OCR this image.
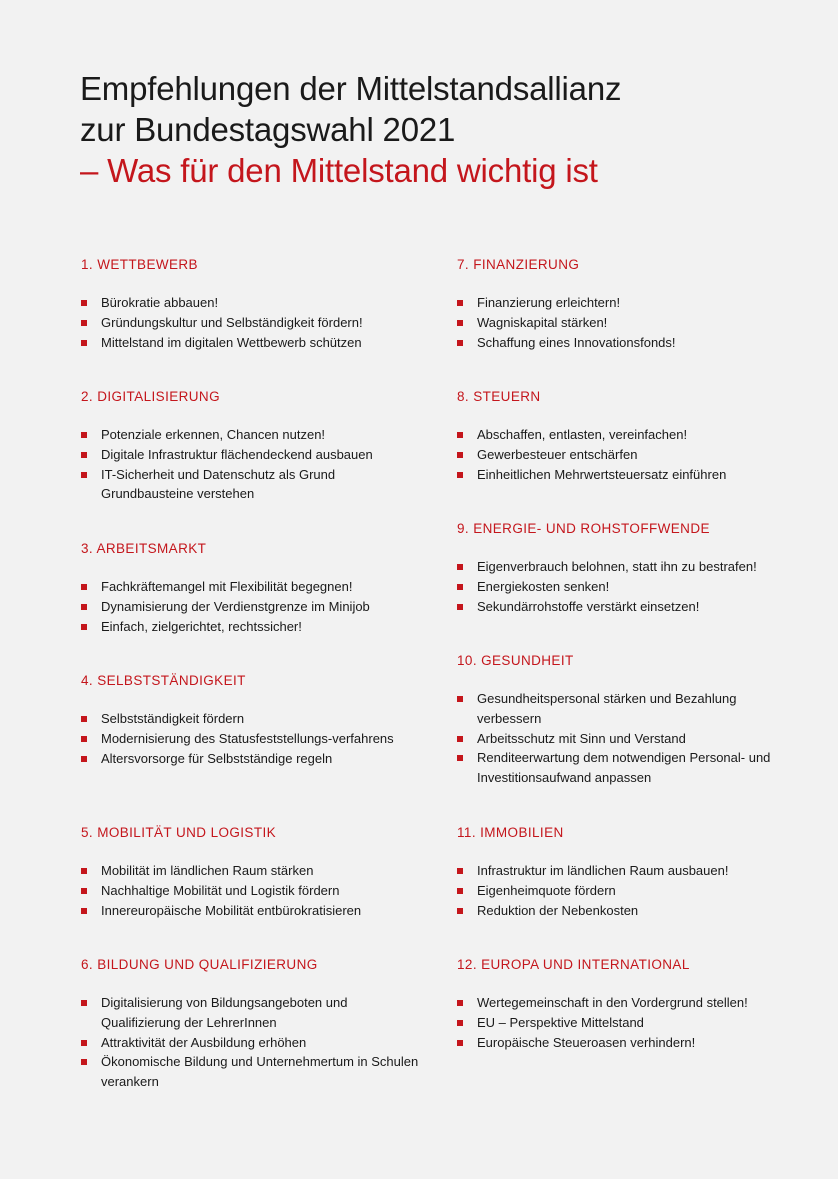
Empfehlungen der Mittelstandsallianz
zur Bundestagswahl 2021
– Was für den Mittelstand wichtig ist
1. WETTBEWERB
Bürokratie abbauen!
Gründungskultur und Selbständigkeit fördern!
Mittelstand im digitalen Wettbewerb schützen
2. DIGITALISIERUNG
Potenziale erkennen, Chancen nutzen!
Digitale Infrastruktur flächendeckend ausbauen
IT-Sicherheit und Datenschutz als Grund Grundbausteine verstehen
3. ARBEITSMARKT
Fachkräftemangel mit Flexibilität begegnen!
Dynamisierung der Verdienstgrenze im Minijob
Einfach, zielgerichtet, rechtssicher!
4. SELBSTSTÄNDIGKEIT
Selbstständigkeit fördern
Modernisierung des Statusfeststellungs-verfahrens
Altersvorsorge für Selbstständige regeln
5. MOBILITÄT UND LOGISTIK
Mobilität im ländlichen Raum stärken
Nachhaltige Mobilität und Logistik fördern
Innereuropäische Mobilität entbürokratisieren
6. BILDUNG UND QUALIFIZIERUNG
Digitalisierung von Bildungsangeboten und Qualifizierung der LehrerInnen
Attraktivität der Ausbildung erhöhen
Ökonomische Bildung und Unternehmertum in Schulen verankern
7. FINANZIERUNG
Finanzierung erleichtern!
Wagniskapital stärken!
Schaffung eines Innovationsfonds!
8. STEUERN
Abschaffen, entlasten, vereinfachen!
Gewerbesteuer entschärfen
Einheitlichen Mehrwertsteuersatz einführen
9. ENERGIE- UND ROHSTOFFWENDE
Eigenverbrauch belohnen, statt ihn zu bestrafen!
Energiekosten senken!
Sekundärrohstoffe verstärkt einsetzen!
10. GESUNDHEIT
Gesundheitspersonal stärken und Bezahlung verbessern
Arbeitsschutz mit Sinn und Verstand
Renditeerwartung dem notwendigen Personal- und Investitionsaufwand anpassen
11. IMMOBILIEN
Infrastruktur im ländlichen Raum ausbauen!
Eigenheimquote fördern
Reduktion der Nebenkosten
12. EUROPA UND INTERNATIONAL
Wertegemeinschaft in den Vordergrund stellen!
EU – Perspektive Mittelstand
Europäische Steueroasen verhindern!
